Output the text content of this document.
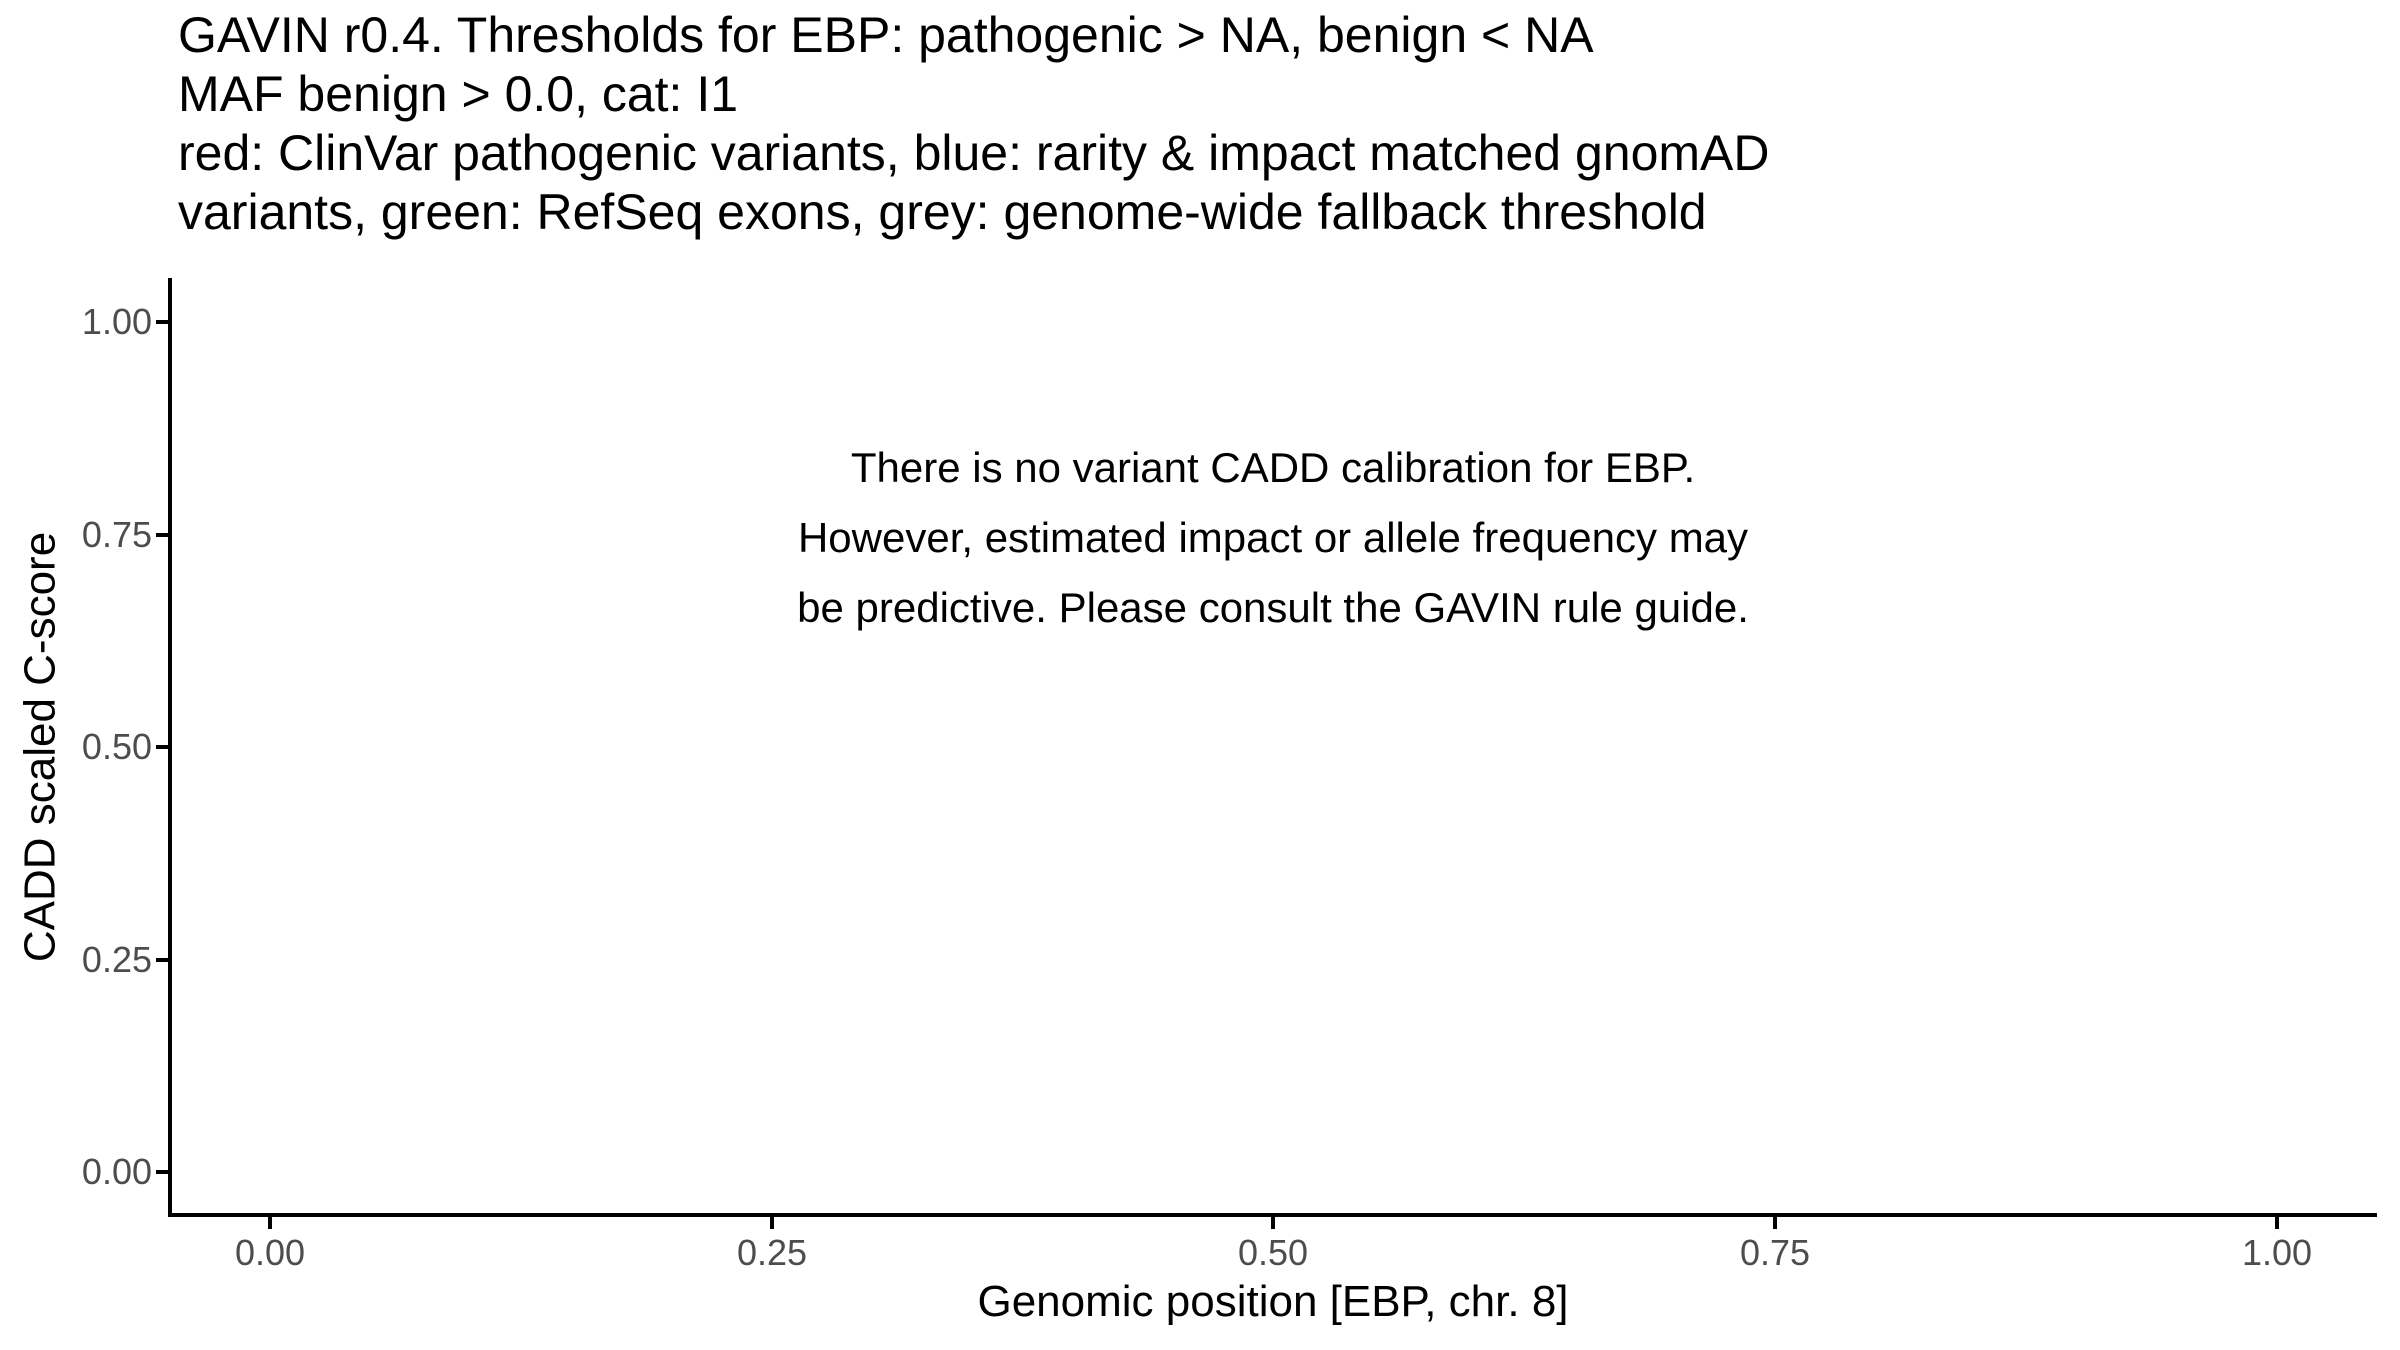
GAVIN r0.4. Thresholds for EBP: pathogenic > NA, benign < NA
MAF benign > 0.0, cat: I1
red: ClinVar pathogenic variants, blue: rarity & impact matched gnomAD
variants, green: RefSeq exons, grey: genome-wide fallback threshold
1.00
0.75
0.50
0.25
0.00
0.00	0.25	0.50	0.75	1.00
Genomic position [EBP, chr. 8]
CADD scaled C-score
There is no variant CADD calibration for EBP.
However, estimated impact or allele frequency may
be predictive. Please consult the GAVIN rule guide.
